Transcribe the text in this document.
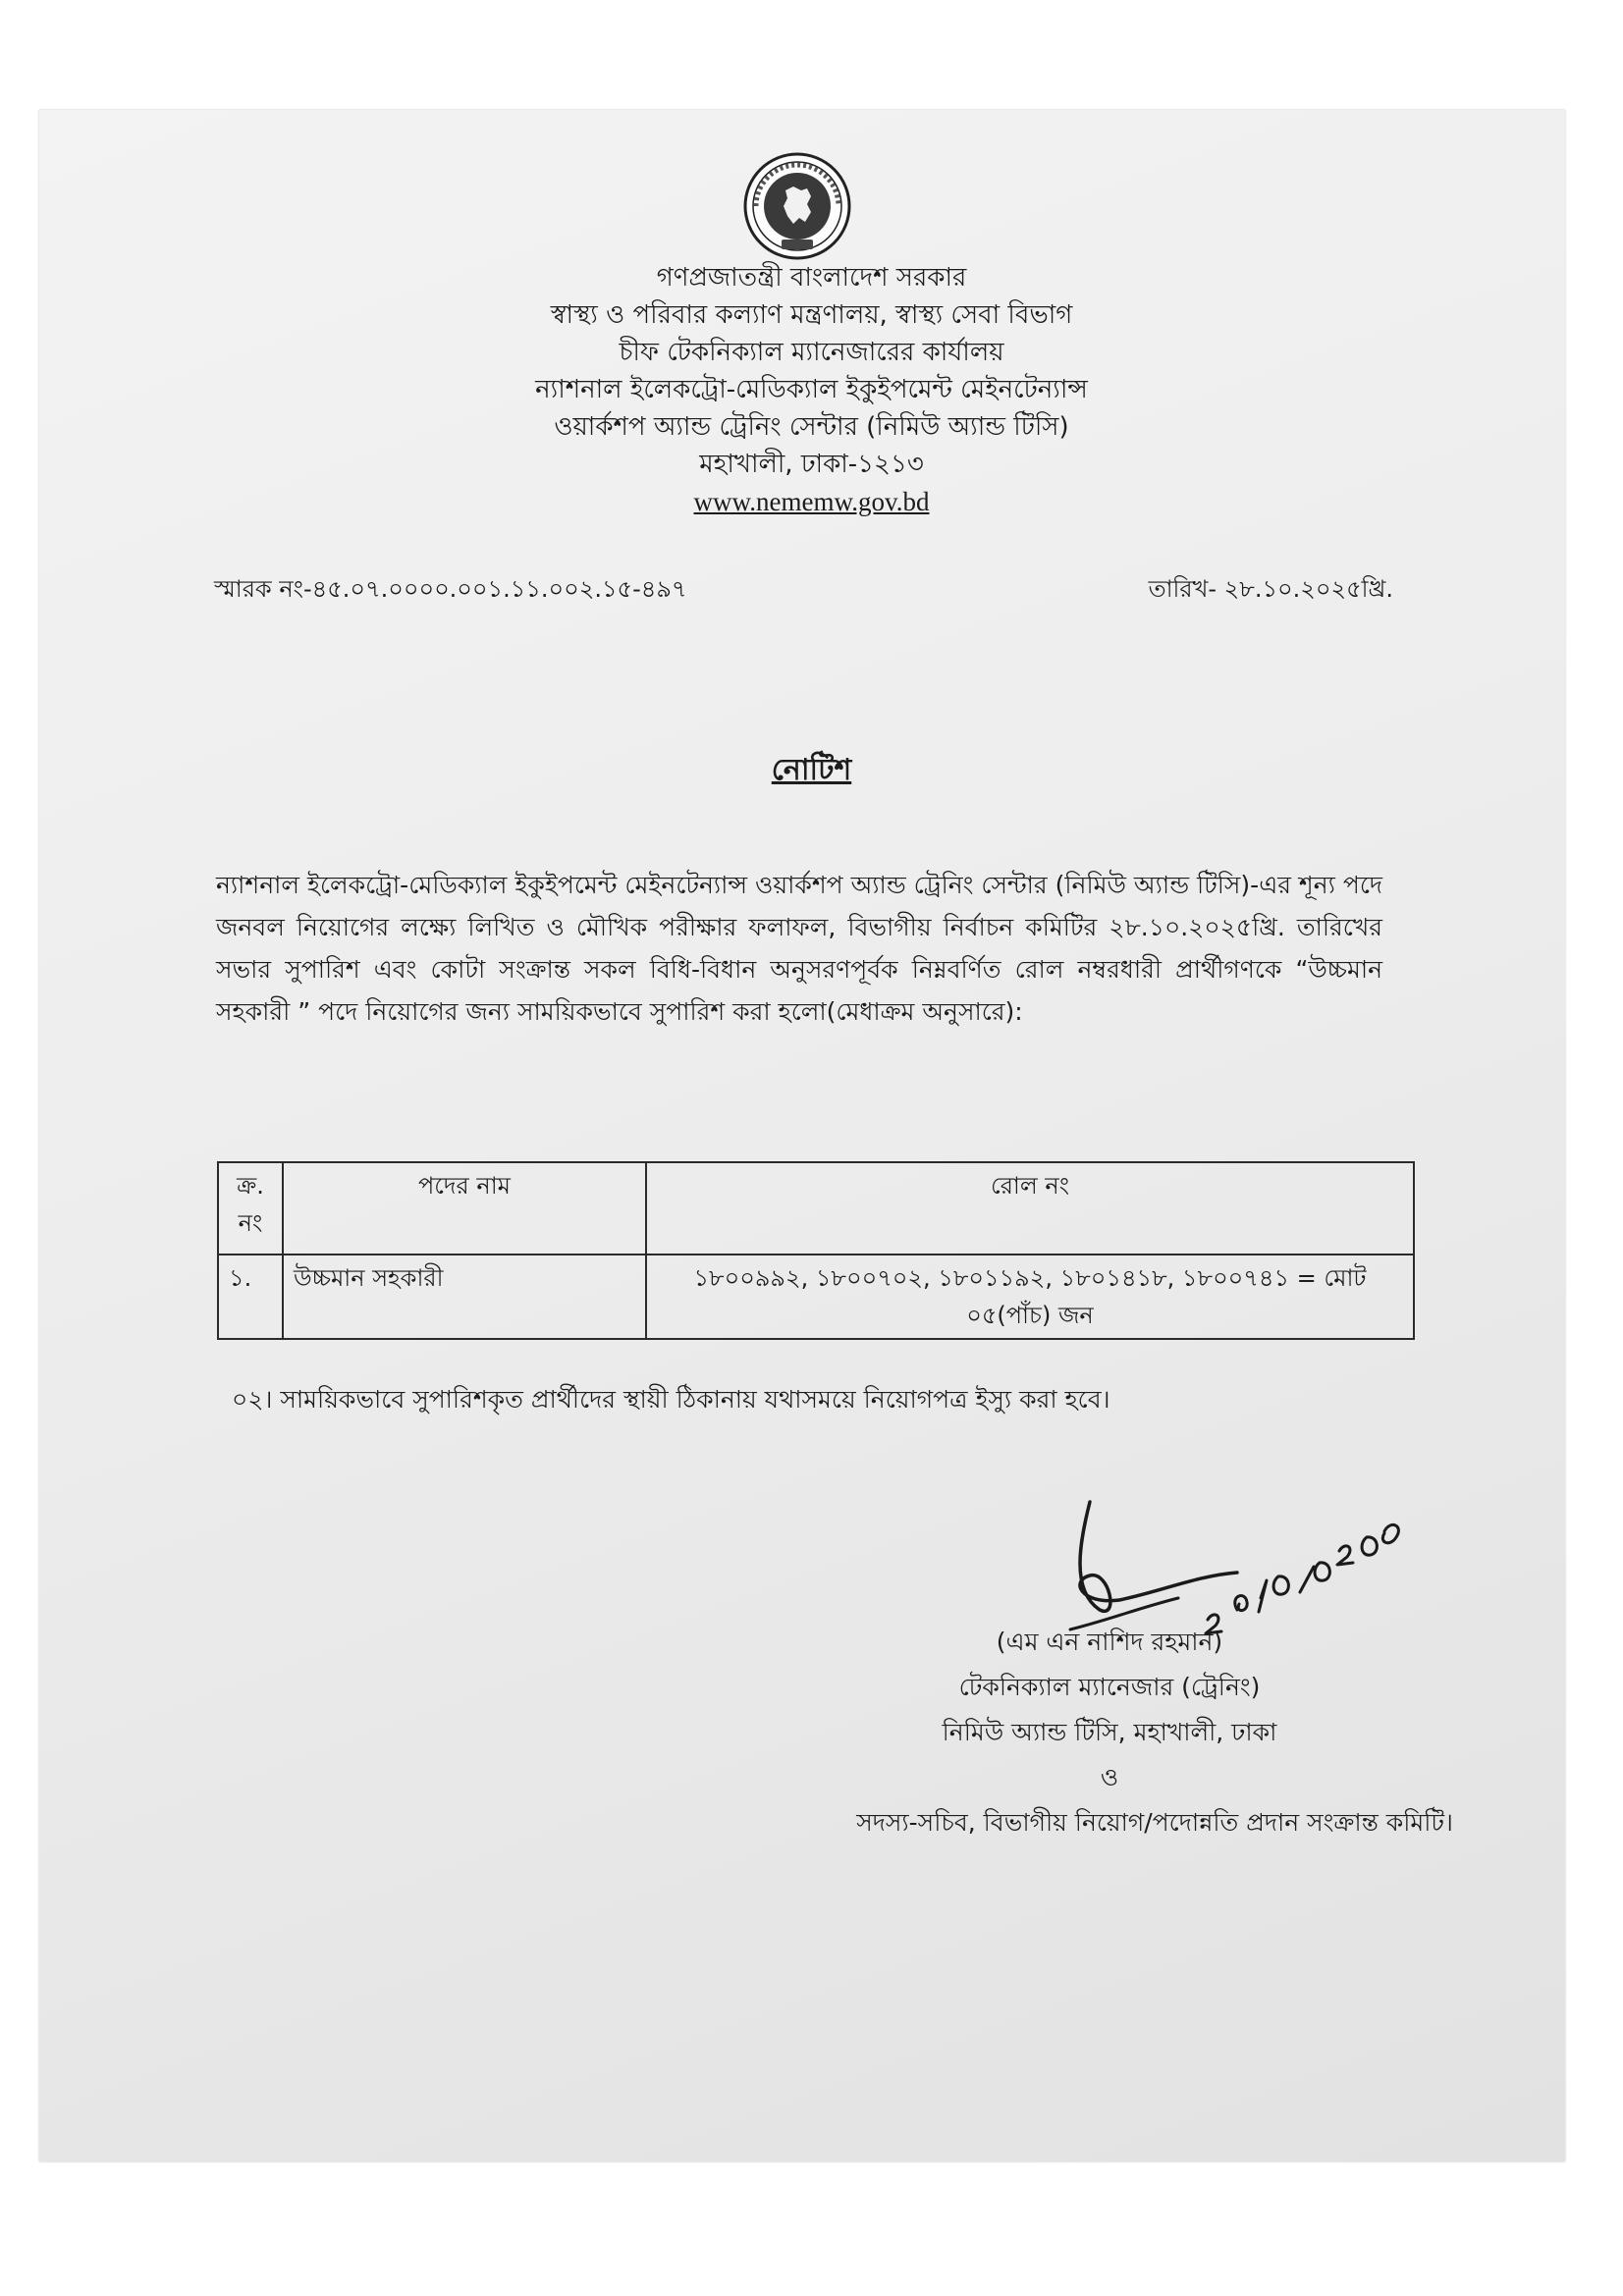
গণপ্রজাতন্ত্রী বাংলাদেশ সরকার
স্বাস্থ্য ও পরিবার কল্যাণ মন্ত্রণালয়, স্বাস্থ্য সেবা বিভাগ
চীফ টেকনিক্যাল ম্যানেজারের কার্যালয়
ন্যাশনাল ইলেকট্রো-মেডিক্যাল ইকুইপমেন্ট মেইনটেন্যান্স
ওয়ার্কশপ অ্যান্ড ট্রেনিং সেন্টার (নিমিউ অ্যান্ড টিসি)
মহাখালী, ঢাকা-১২১৩
www.nememw.gov.bd
স্মারক নং-৪৫.০৭.০০০০.০০১.১১.০০২.১৫-৪৯৭	তারিখ- ২৮.১০.২০২৫খ্রি.
নোটিশ
ন্যাশনাল ইলেকট্রো-মেডিক্যাল ইকুইপমেন্ট মেইনটেন্যান্স ওয়ার্কশপ অ্যান্ড ট্রেনিং সেন্টার (নিমিউ অ্যান্ড টিসি)-এর শূন্য পদে জনবল নিয়োগের লক্ষ্যে লিখিত ও মৌখিক পরীক্ষার ফলাফল, বিভাগীয় নির্বাচন কমিটির ২৮.১০.২০২৫খ্রি. তারিখের সভার সুপারিশ এবং কোটা সংক্রান্ত সকল বিধি-বিধান অনুসরণপূর্বক নিম্নবর্ণিত রোল নম্বরধারী প্রার্থীগণকে “উচ্চমান সহকারী ” পদে নিয়োগের জন্য সাময়িকভাবে সুপারিশ করা হলো(মেধাক্রম অনুসারে):
ক্র. নং	পদের নাম	রোল নং
১.	উচ্চমান সহকারী	১৮০০৯৯২, ১৮০০৭০২, ১৮০১১৯২, ১৮০১৪১৮, ১৮০০৭৪১ = মোট ০৫(পাঁচ) জন
০২। সাময়িকভাবে সুপারিশকৃত প্রার্থীদের স্থায়ী ঠিকানায় যথাসময়ে নিয়োগপত্র ইস্যু করা হবে।
(এম এন নাশিদ রহমান)
টেকনিক্যাল ম্যানেজার (ট্রেনিং)
নিমিউ অ্যান্ড টিসি, মহাখালী, ঢাকা
ও
সদস্য-সচিব, বিভাগীয় নিয়োগ/পদোন্নতি প্রদান সংক্রান্ত কমিটি।
